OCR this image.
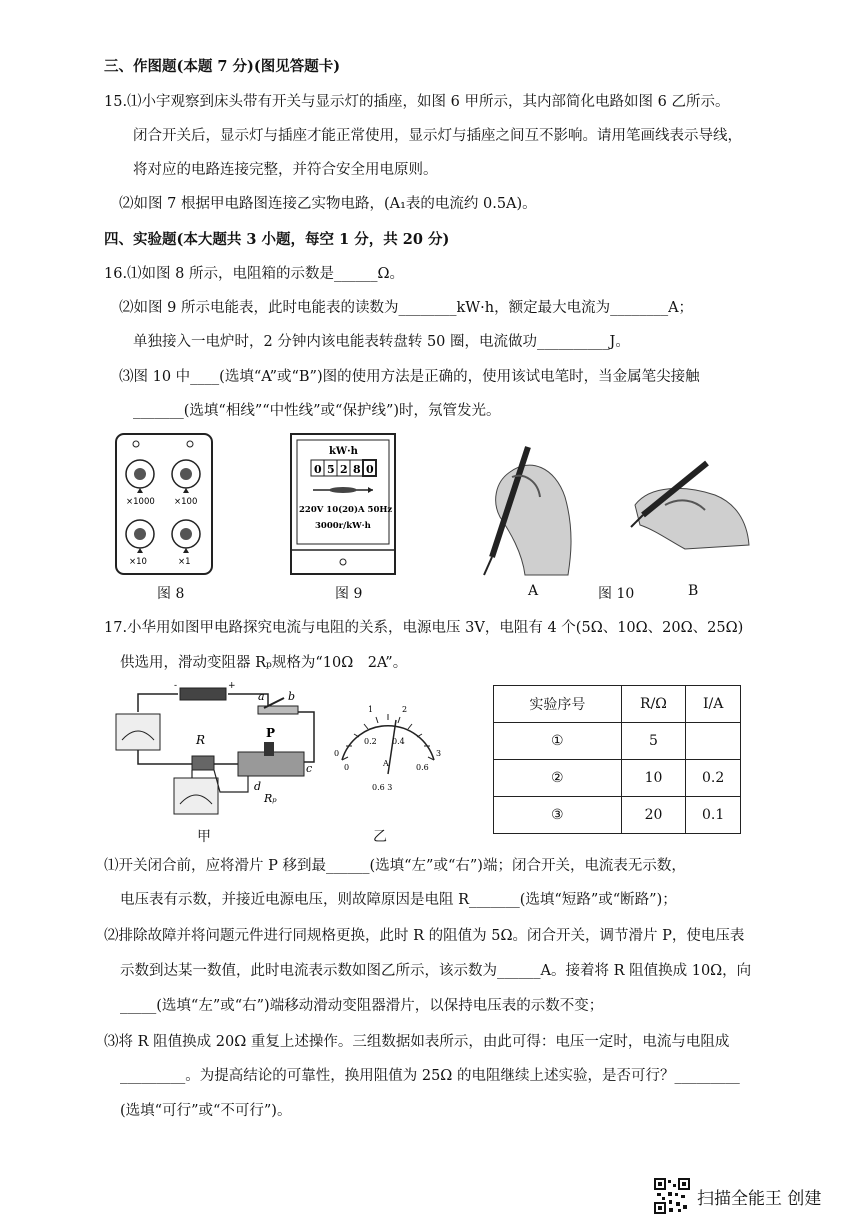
三、作图题(本题 7 分)(图见答题卡)
15.⑴小宇观察到床头带有开关与显示灯的插座，如图 6 甲所示，其内部简化电路如图 6 乙所示。
闭合开关后，显示灯与插座才能正常使用，显示灯与插座之间互不影响。请用笔画线表示导线，
将对应的电路连接完整，并符合安全用电原则。
⑵如图 7 根据甲电路图连接乙实物电路，(A₁表的电流约 0.5A)。
四、实验题(本大题共 3 小题，每空 1 分，共 20 分)
16.⑴如图 8 所示，电阻箱的示数是______Ω。
⑵如图 9 所示电能表，此时电能表的读数为________kW·h，额定最大电流为________A；
单独接入一电炉时，2 分钟内该电能表转盘转 50 圈，电流做功__________J。
⑶图 10 中____(选填“A”或“B”)图的使用方法是正确的，使用该试电笔时，当金属笔尖接触
_______(选填“相线”“中性线”或“保护线”)时，氖管发光。
×1000 ×100
×10	×1
图 8
kW·h
0 5 2 8 0
220V 10(20)A 50Hz
3000r/kW·h
图 9	A	图 10	B
17.小华用如图甲电路探究电流与电阻的关系，电源电压 3V，电阻有 4 个(5Ω、10Ω、20Ω、25Ω)
供选用，滑动变阻器 Rₚ规格为“10Ω　2A”。
-	+
a b
R	P
c
d
Rₚ
甲
0
1	2
3
0
0.2 0.4
0.6
A
0.6 3
乙
实验序号	R/Ω	I/A
①	5	
②	10	0.2
③	20	0.1
⑴开关闭合前，应将滑片 P 移到最______(选填“左”或“右”)端；闭合开关，电流表无示数，
电压表有示数，并接近电源电压，则故障原因是电阻 R_______(选填“短路”或“断路”)；
⑵排除故障并将问题元件进行同规格更换，此时 R 的阻值为 5Ω。闭合开关，调节滑片 P，使电压表
示数到达某一数值，此时电流表示数如图乙所示，该示数为______A。接着将 R 阻值换成 10Ω，向
_____(选填“左”或“右”)端移动滑动变阻器滑片，以保持电压表的示数不变；
⑶将 R 阻值换成 20Ω 重复上述操作。三组数据如表所示，由此可得：电压一定时，电流与电阻成
_________。为提高结论的可靠性，换用阻值为 25Ω 的电阻继续上述实验，是否可行？_________
(选填“可行”或“不可行”)。
扫描全能王 创建
